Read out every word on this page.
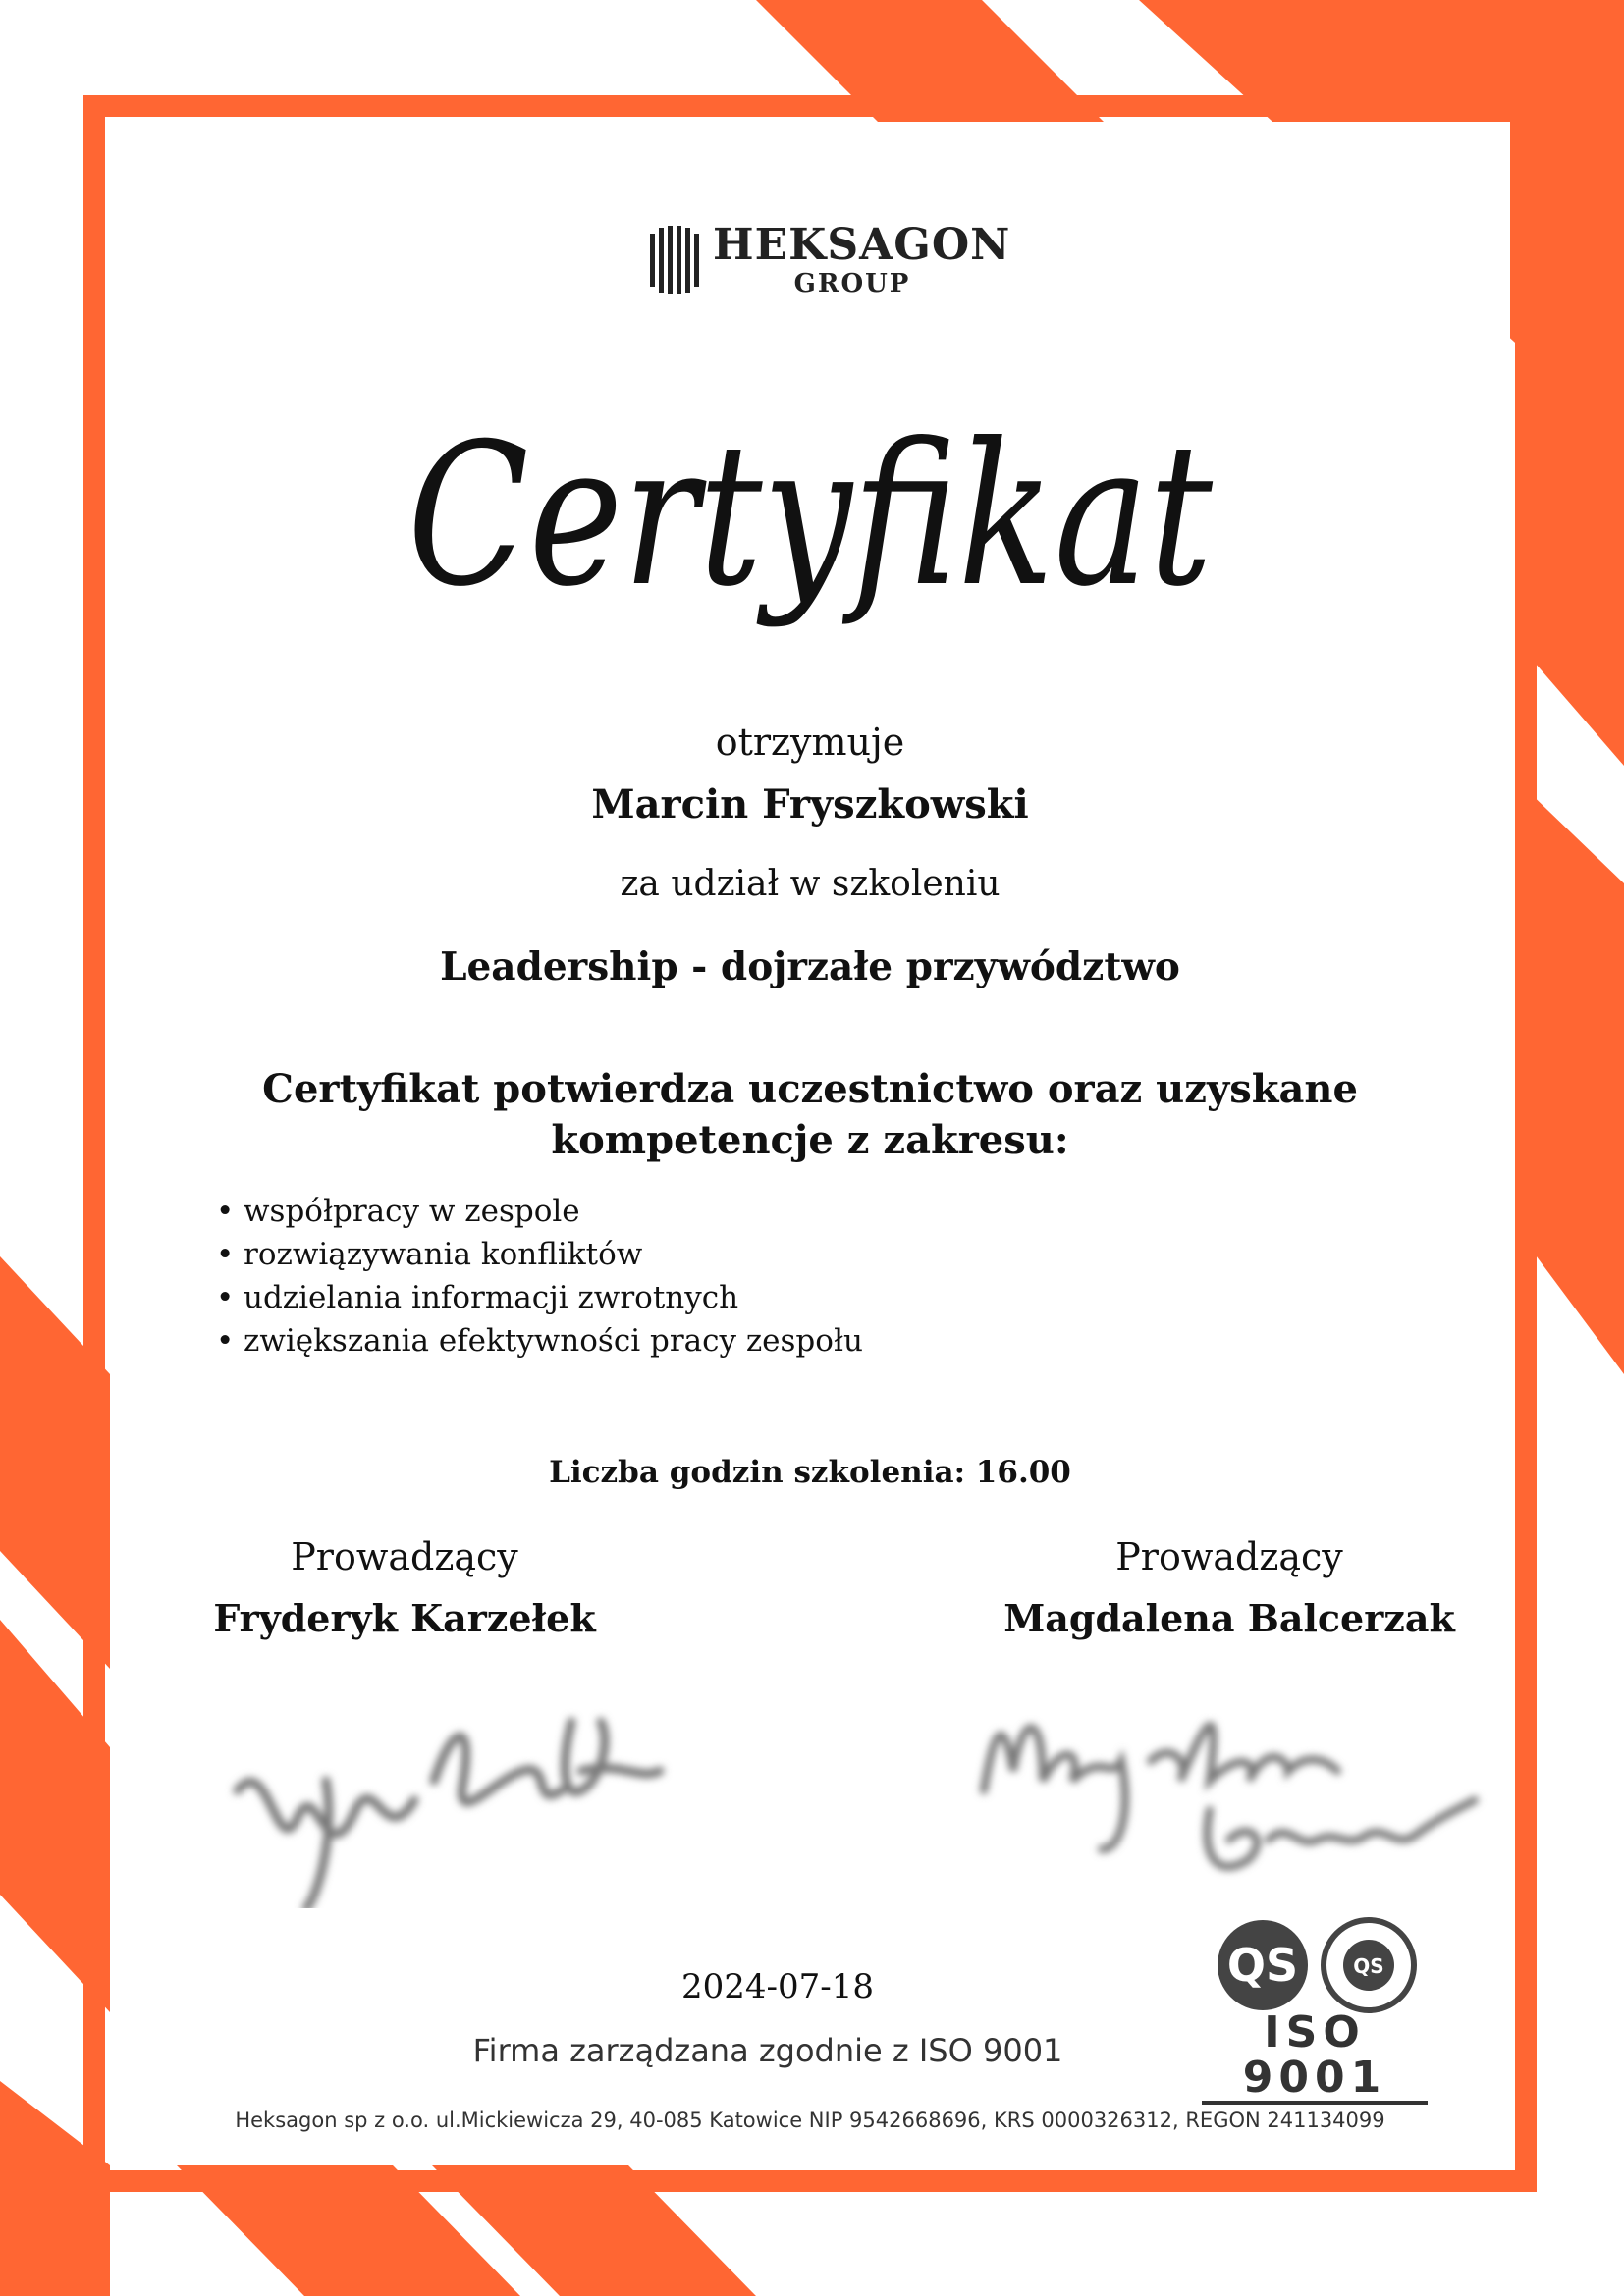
HEKSAGON
GROUP
Certyfikat
otrzymuje
Marcin Fryszkowski
za udział w szkoleniu
Leadership - dojrzałe przywództwo
Certyfikat potwierdza uczestnictwo oraz uzyskane kompetencje z zakresu:
• współpracy w zespole
• rozwiązywania konfliktów
• udzielania informacji zwrotnych
• zwiększania efektywności pracy zespołu
Liczba godzin szkolenia: 16.00
Prowadzący
Fryderyk Karzełek
Prowadzący
Magdalena Balcerzak
2024-07-18
Firma zarządzana zgodnie z ISO 9001
QS	QS
ISO 9001
Heksagon sp z o.o. ul.Mickiewicza 29, 40-085 Katowice NIP 9542668696, KRS 0000326312, REGON 241134099
